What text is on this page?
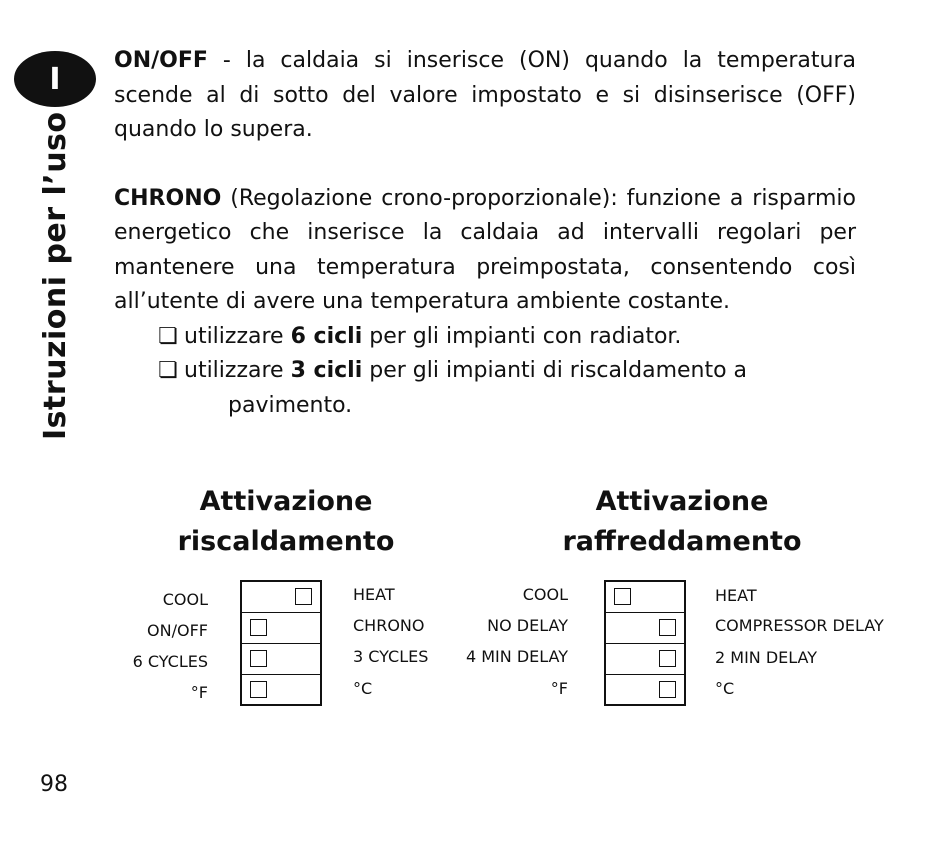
I
Istruzioni per l’uso

ON/OFF - la caldaia si inserisce (ON) quando la temperatura scende al di sotto del valore impostato e si disinserisce (OFF) quando lo supera.

CHRONO (Regolazione crono-proporzionale): funzione a risparmio energetico che inserisce la caldaia ad intervalli regolari per mantenere una temperatura preimpostata, consentendo così all’utente di avere una temperatura ambiente costante.

❏ utilizzare 6 cicli per gli impianti con radiator.
❏ utilizzare 3 cicli per gli impianti di riscaldamento a
pavimento.
Attivazione
riscaldamento
COOL
ON/OFF
6 CYCLES
°F
HEAT
CHRONO
3 CYCLES
°C
Attivazione
raffreddamento
COOL
NO DELAY
4 MIN DELAY
°F
HEAT
COMPRESSOR DELAY
2 MIN DELAY
°C
98
